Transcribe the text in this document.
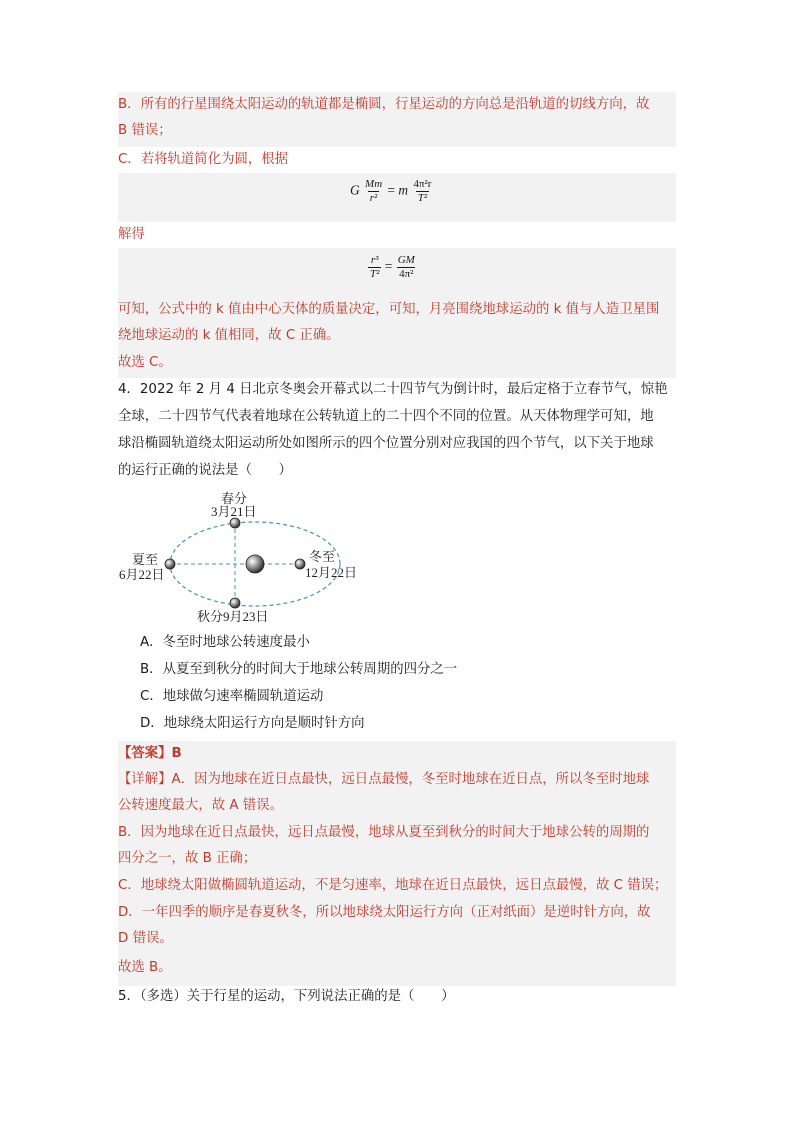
B．所有的行星围绕太阳运动的轨道都是椭圆，行星运动的方向总是沿轨道的切线方向，故
B 错误；
C．若将轨道简化为圆，根据
G $\frac{Mm}{\text{r²}} = m \frac{\text{4π²r}}{\text{T²}}$
解得
$\frac{\text{r³}}{\text{T²}} = \frac{GM}{\text{4π²}}$
可知，公式中的 k 值由中心天体的质量决定，可知，月亮围绕地球运动的 k 值与人造卫星围
绕地球运动的 k 值相同，故 C 正确。
故选 C。
4．2022 年 2 月 4 日北京冬奥会开幕式以二十四节气为倒计时，最后定格于立春节气，惊艳
全球，二十四节气代表着地球在公转轨道上的二十四个不同的位置。从天体物理学可知，地
球沿椭圆轨道绕太阳运动所处如图所示的四个位置分别对应我国的四个节气，以下关于地球
的运行正确的说法是（　　）
春分
3月21日
夏至
6月22日
冬至
12月22日
秋分9月23日
A．冬至时地球公转速度最小
B．从夏至到秋分的时间大于地球公转周期的四分之一
C．地球做匀速率椭圆轨道运动
D．地球绕太阳运行方向是顺时针方向
【答案】B
【详解】A．因为地球在近日点最快，远日点最慢，冬至时地球在近日点，所以冬至时地球
公转速度最大，故 A 错误。
B．因为地球在近日点最快，远日点最慢，地球从夏至到秋分的时间大于地球公转的周期的
四分之一，故 B 正确；
C．地球绕太阳做椭圆轨道运动，不是匀速率，地球在近日点最快，远日点最慢，故 C 错误；
D．一年四季的顺序是春夏秋冬，所以地球绕太阳运行方向（正对纸面）是逆时针方向，故
D 错误。
故选 B。
5．（多选）关于行星的运动，下列说法正确的是（　　）
